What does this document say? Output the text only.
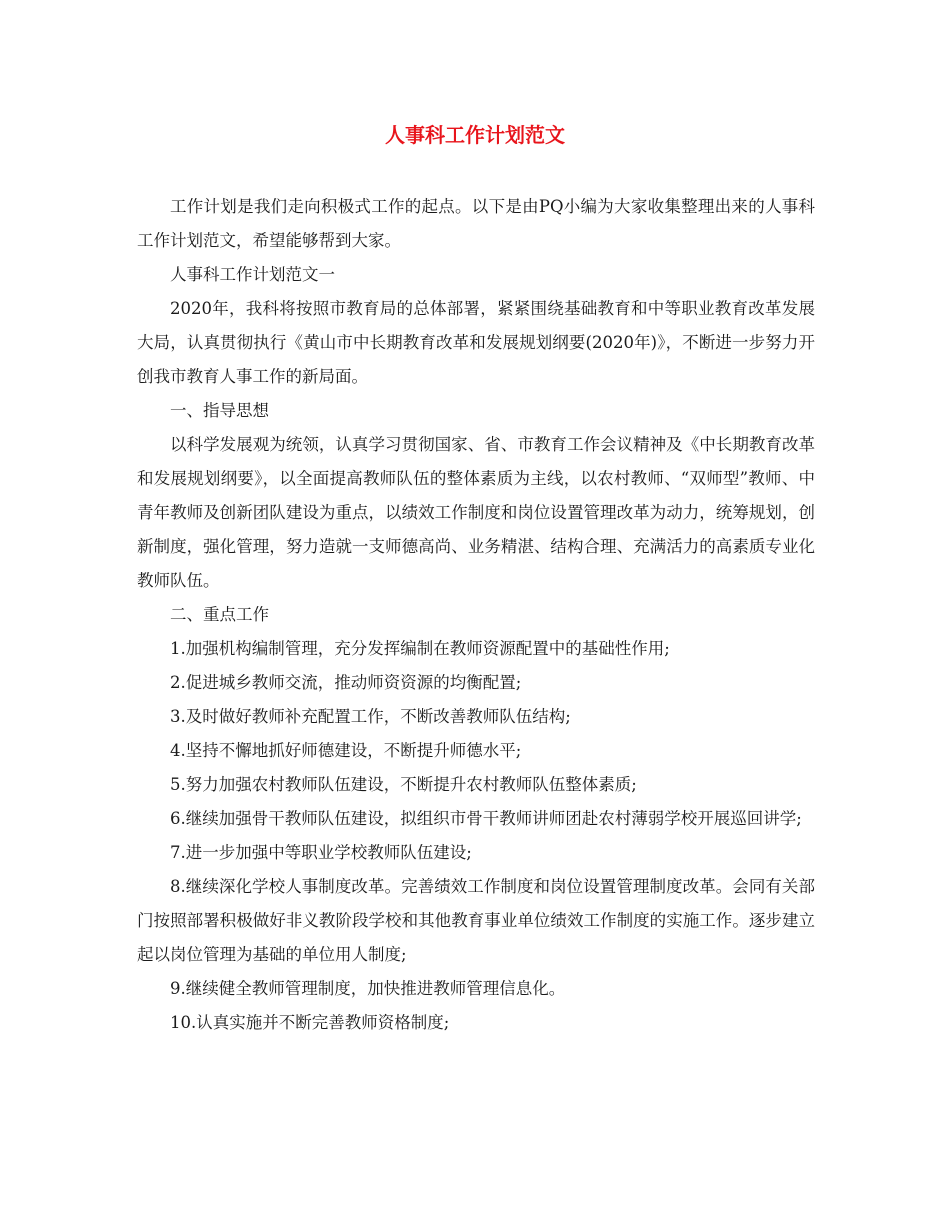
人事科工作计划范文

工作计划是我们走向积极式工作的起点。以下是由PQ小编为大家收集整理出来的人事科工作计划范文，希望能够帮到大家。

人事科工作计划范文一

2020年，我科将按照市教育局的总体部署，紧紧围绕基础教育和中等职业教育改革发展大局，认真贯彻执行《黄山市中长期教育改革和发展规划纲要(2020年)》，不断进一步努力开创我市教育人事工作的新局面。

一、指导思想

以科学发展观为统领，认真学习贯彻国家、省、市教育工作会议精神及《中长期教育改革和发展规划纲要》，以全面提高教师队伍的整体素质为主线，以农村教师、“双师型”教师、中青年教师及创新团队建设为重点，以绩效工作制度和岗位设置管理改革为动力，统筹规划，创新制度，强化管理，努力造就一支师德高尚、业务精湛、结构合理、充满活力的高素质专业化教师队伍。

二、重点工作

1.加强机构编制管理，充分发挥编制在教师资源配置中的基础性作用;

2.促进城乡教师交流，推动师资资源的均衡配置;

3.及时做好教师补充配置工作，不断改善教师队伍结构;

4.坚持不懈地抓好师德建设，不断提升师德水平;

5.努力加强农村教师队伍建设，不断提升农村教师队伍整体素质;

6.继续加强骨干教师队伍建设，拟组织市骨干教师讲师团赴农村薄弱学校开展巡回讲学;

7.进一步加强中等职业学校教师队伍建设;

8.继续深化学校人事制度改革。完善绩效工作制度和岗位设置管理制度改革。会同有关部门按照部署积极做好非义教阶段学校和其他教育事业单位绩效工作制度的实施工作。逐步建立起以岗位管理为基础的单位用人制度;

9.继续健全教师管理制度，加快推进教师管理信息化。

10.认真实施并不断完善教师资格制度;
